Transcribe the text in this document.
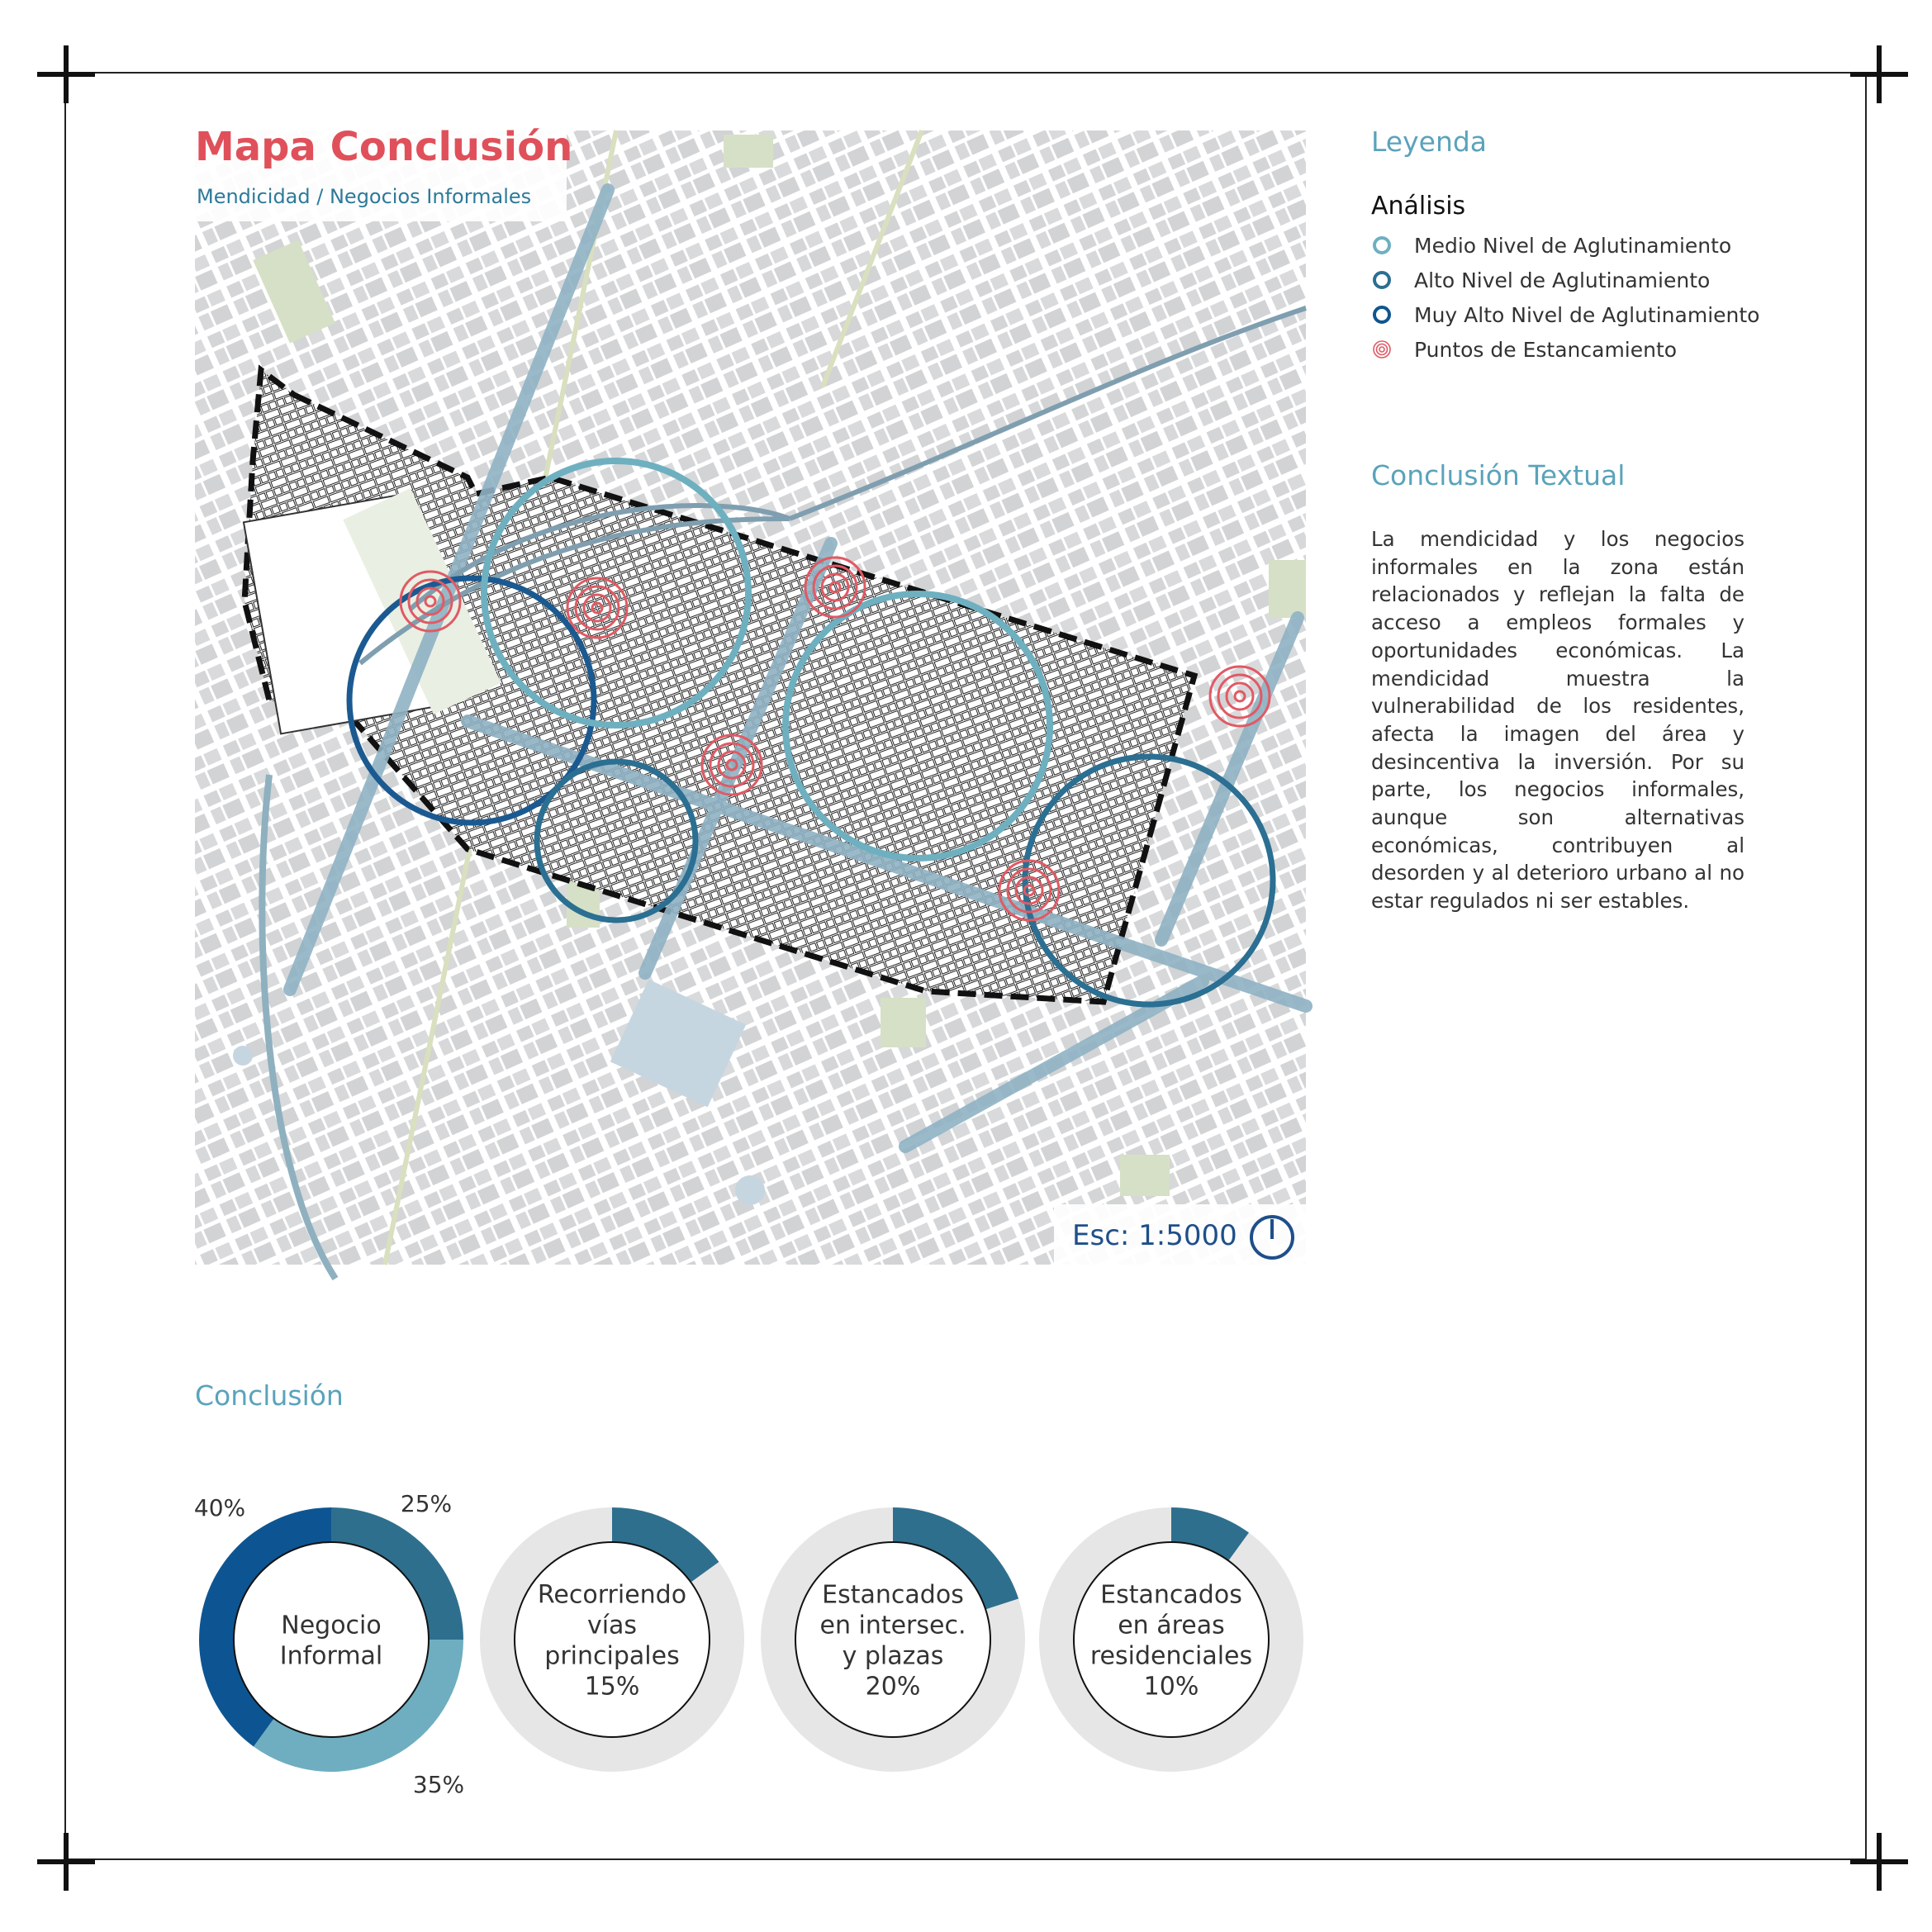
Mapa Conclusión
Mendicidad / Negocios Informales
Esc: 1:5000
Leyenda
Análisis
Medio Nivel de Aglutinamiento
Alto Nivel de Aglutinamiento
Muy Alto Nivel de Aglutinamiento
Puntos de Estancamiento
Conclusión Textual
La mendicidad y los negocios informales en la zona están relacionados y reflejan la falta de acceso a empleos formales y oportunidades económicas. La mendicidad muestra la vulnerabilidad de los residentes, afecta la imagen del área y desincentiva la inversión. Por su parte, los negocios informales, aunque son alternativas económicas, contribuyen al desorden y al deterioro urbano al no estar regulados ni ser estables.
Conclusión
Negocio
Informal
40%	25%
35%
Recorriendo
vías
principales
15%
Estancados
en intersec.
y plazas
20%
Estancados
en áreas
residenciales
10%
